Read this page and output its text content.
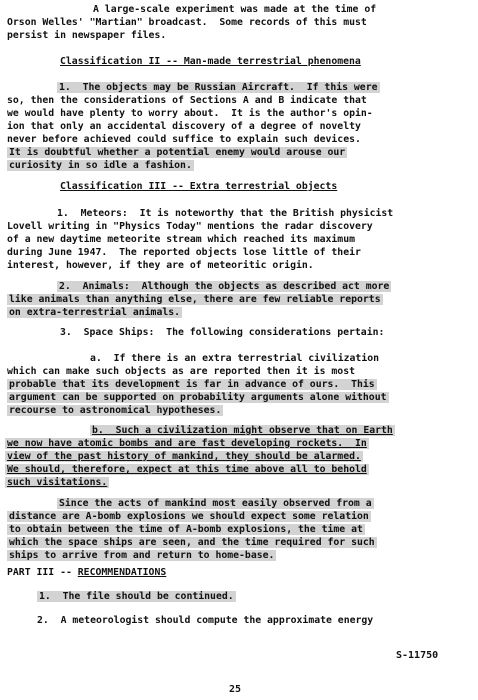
A large-scale experiment was made at the time of
Orson Welles' "Martian" broadcast.  Some records of this must
persist in newspaper files.
Classification II -- Man-made terrestrial phenomena
1.  The objects may be Russian Aircraft.  If this were
so, then the considerations of Sections A and B indicate that
we would have plenty to worry about.  It is the author's opin-
ion that only an accidental discovery of a degree of novelty
never before achieved could suffice to explain such devices.
It is doubtful whether a potential enemy would arouse our
curiosity in so idle a fashion.
Classification III -- Extra terrestrial objects
1.  Meteors:  It is noteworthy that the British physicist
Lovell writing in "Physics Today" mentions the radar discovery
of a new daytime meteorite stream which reached its maximum
during June 1947.  The reported objects lose little of their
interest, however, if they are of meteoritic origin.
2.  Animals:  Although the objects as described act more
like animals than anything else, there are few reliable reports
on extra-terrestrial animals.
3.  Space Ships:  The following considerations pertain:
a.  If there is an extra terrestrial civilization
which can make such objects as are reported then it is most
probable that its development is far in advance of ours.  This
argument can be supported on probability arguments alone without
recourse to astronomical hypotheses.
b.  Such a civilization might observe that on Earth
we now have atomic bombs and are fast developing rockets.  In
view of the past history of mankind, they should be alarmed.
We should, therefore, expect at this time above all to behold
such visitations.
Since the acts of mankind most easily observed from a
distance are A-bomb explosions we should expect some relation
to obtain between the time of A-bomb explosions, the time at
which the space ships are seen, and the time required for such
ships to arrive from and return to home-base.
PART III -- RECOMMENDATIONS
1.  The file should be continued.
2.  A meteorologist should compute the approximate energy
S-11750
25
